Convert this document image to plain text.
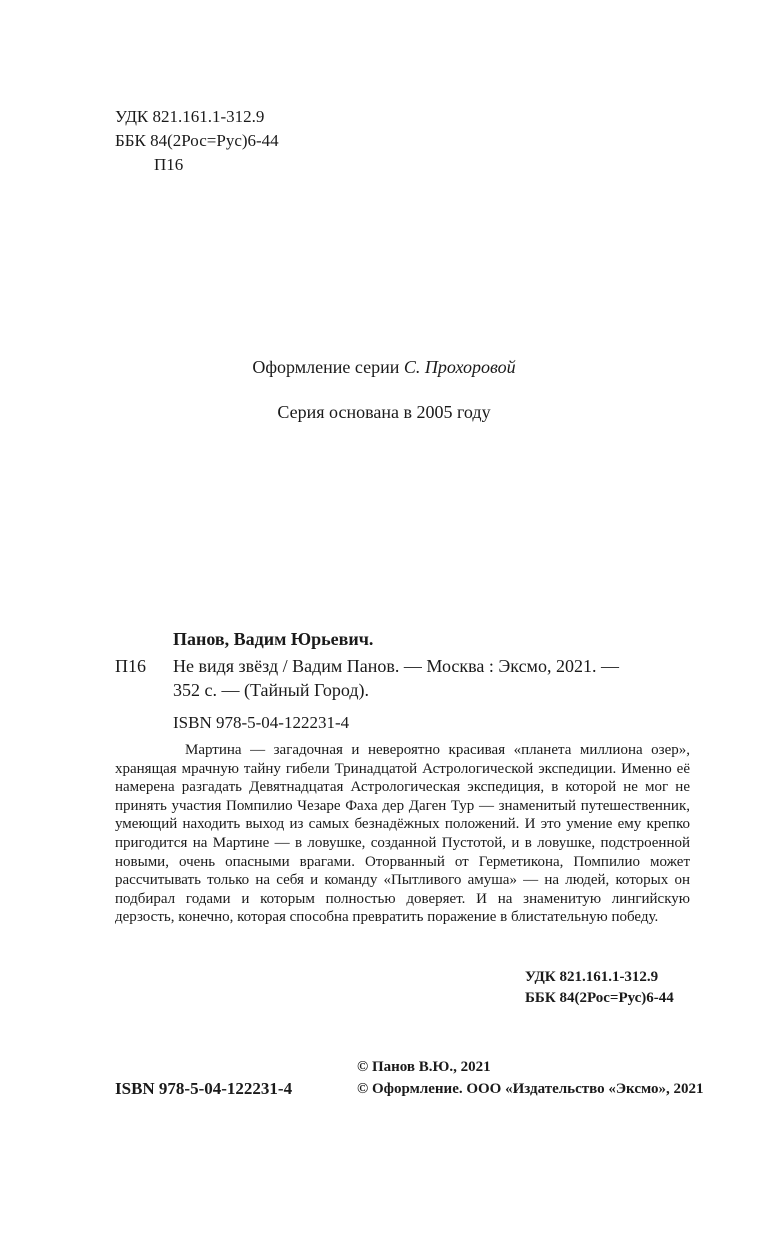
УДК 821.161.1-312.9
ББК 84(2Рос=Рус)6-44
П16
Оформление серии С. Прохоровой
Серия основана в 2005 году
Панов, Вадим Юрьевич.
П16 Не видя звёзд / Вадим Панов. — Москва : Эксмо, 2021. —
352 с. — (Тайный Город).
ISBN 978-5-04-122231-4

Мартина — загадочная и невероятно красивая «планета миллиона озер», хранящая мрачную тайну гибели Тринадцатой Астрологической экспедиции. Именно её намерена разгадать Девятнадцатая Астрологическая экспедиция, в которой не мог не принять участия Помпилио Чезаре Фаха дер Даген Тур — знаменитый путешественник, умеющий находить выход из самых безнадёжных положений. И это умение ему крепко пригодится на Мартине — в ловушке, созданной Пустотой, и в ловушке, подстроенной новыми, очень опасными врагами. Оторванный от Герметикона, Помпилио может рассчитывать только на себя и команду «Пытливого амуша» — на людей, которых он подбирал годами и которым полностью доверяет. И на знаменитую лингийскую дерзость, конечно, которая способна превратить поражение в блистательную победу.

УДК 821.161.1-312.9
ББК 84(2Рос=Рус)6-44
© Панов В.Ю., 2021
ISBN 978-5-04-122231-4	© Оформление. ООО «Издательство «Эксмо», 2021
